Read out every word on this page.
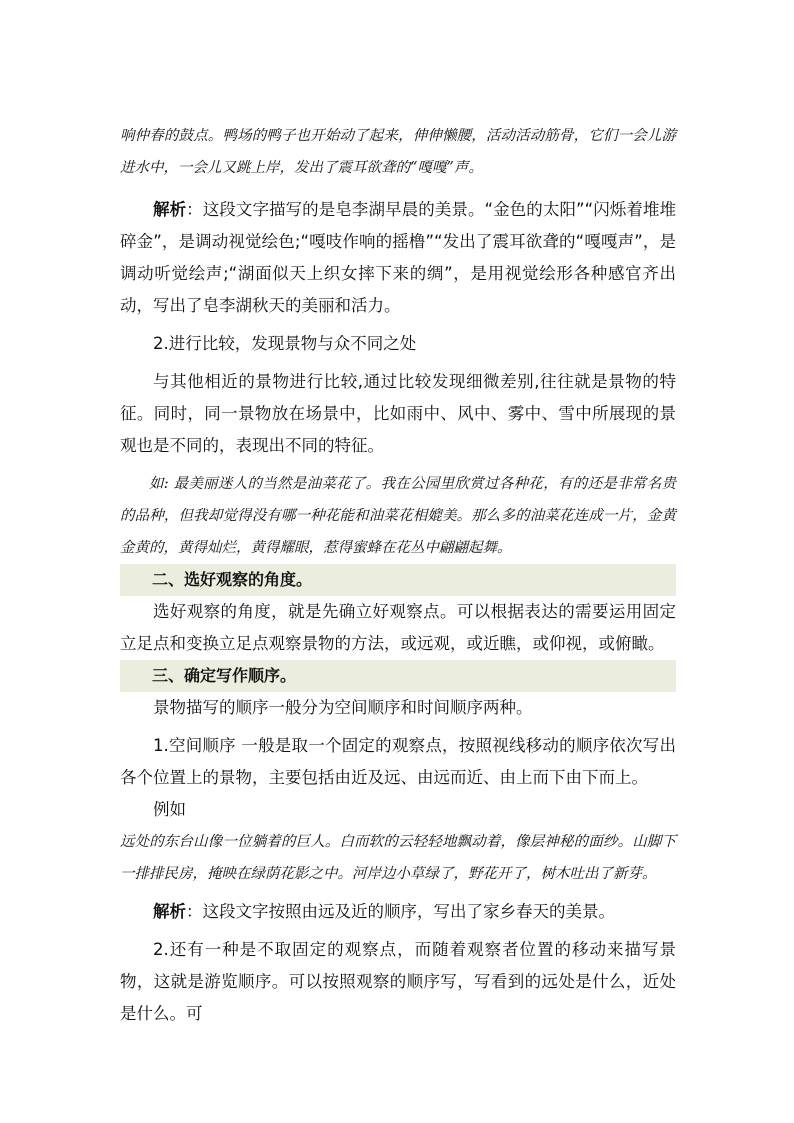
响仲春的鼓点。鸭场的鸭子也开始动了起来，伸伸懒腰，活动活动筋骨，它们一会儿游进水中，一会儿又跳上岸，发出了震耳欲聋的“嘎嘎”声。

解析：这段文字描写的是皂李湖早晨的美景。“金色的太阳”“闪烁着堆堆碎金”，是调动视觉绘色;“嘎吱作响的摇橹”“发出了震耳欲聋的“嘎嘎声”，是调动听觉绘声;“湖面似天上织女摔下来的绸”，是用视觉绘形各种感官齐出动，写出了皂李湖秋天的美丽和活力。

2.进行比较，发现景物与众不同之处

与其他相近的景物进行比较,通过比较发现细微差别,往往就是景物的特征。同时，同一景物放在场景中，比如雨中、风中、雾中、雪中所展现的景观也是不同的，表现出不同的特征。

如: 最美丽迷人的当然是油菜花了。我在公园里欣赏过各种花，有的还是非常名贵的品种，但我却觉得没有哪一种花能和油菜花相媲美。那么多的油菜花连成一片，金黄金黄的，黄得灿烂，黄得耀眼，惹得蜜蜂在花丛中翩翩起舞。

二、选好观察的角度。

选好观察的角度，就是先确立好观察点。可以根据表达的需要运用固定立足点和变换立足点观察景物的方法，或远观，或近瞧，或仰视，或俯瞰。

三、确定写作顺序。

景物描写的顺序一般分为空间顺序和时间顺序两种。

1.空间顺序 一般是取一个固定的观察点，按照视线移动的顺序依次写出各个位置上的景物，主要包括由近及远、由远而近、由上而下由下而上。

例如

远处的东台山像一位躺着的巨人。白而软的云轻轻地飘动着，像层神秘的面纱。山脚下一排排民房，掩映在绿荫花影之中。河岸边小草绿了，野花开了，树木吐出了新芽。

解析：这段文字按照由远及近的顺序，写出了家乡春天的美景。

2.还有一种是不取固定的观察点，而随着观察者位置的移动来描写景物，这就是游览顺序。可以按照观察的顺序写，写看到的远处是什么，近处是什么。可
